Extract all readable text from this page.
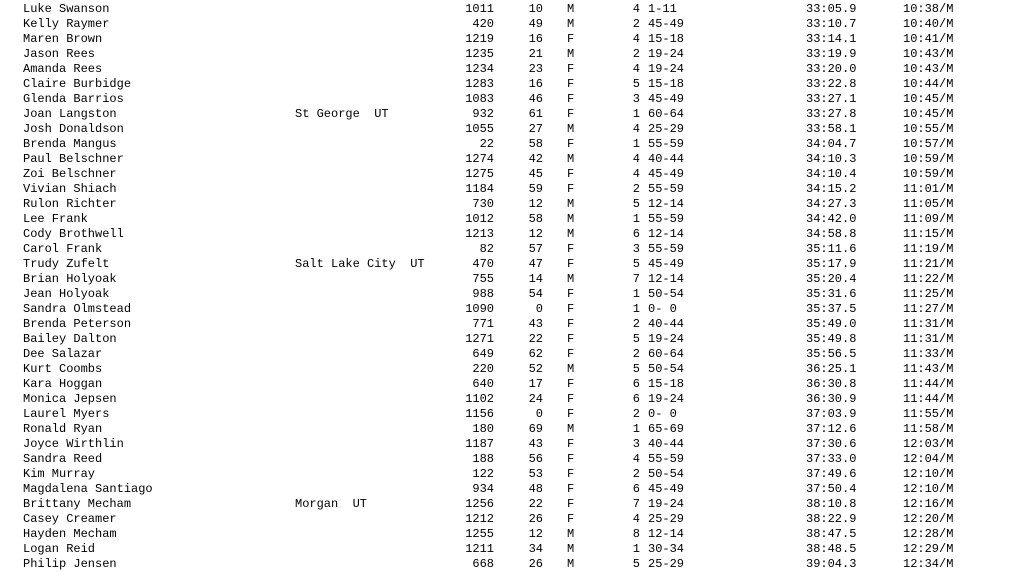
Luke Swanson	1011	10 M	4 1-11	33:05.9	10:38/M
Kelly Raymer	420	49 M	2 45-49	33:10.7	10:40/M
Maren Brown	1219	16 F	4 15-18	33:14.1	10:41/M
Jason Rees	1235	21 M	2 19-24	33:19.9	10:43/M
Amanda Rees	1234	23 F	4 19-24	33:20.0	10:43/M
Claire Burbidge	1283	16 F	5 15-18	33:22.8	10:44/M
Glenda Barrios	1083	46 F	3 45-49	33:27.1	10:45/M
Joan Langston	St George  UT	932	61 F	1 60-64	33:27.8	10:45/M
Josh Donaldson	1055	27 M	4 25-29	33:58.1	10:55/M
Brenda Mangus	22	58 F	1 55-59	34:04.7	10:57/M
Paul Belschner	1274	42 M	4 40-44	34:10.3	10:59/M
Zoi Belschner	1275	45 F	4 45-49	34:10.4	10:59/M
Vivian Shiach	1184	59 F	2 55-59	34:15.2	11:01/M
Rulon Richter	730	12 M	5 12-14	34:27.3	11:05/M
Lee Frank	1012	58 M	1 55-59	34:42.0	11:09/M
Cody Brothwell	1213	12 M	6 12-14	34:58.8	11:15/M
Carol Frank	82	57 F	3 55-59	35:11.6	11:19/M
Trudy Zufelt	Salt Lake City  UT	470	47 F	5 45-49	35:17.9	11:21/M
Brian Holyoak	755	14 M	7 12-14	35:20.4	11:22/M
Jean Holyoak	988	54 F	1 50-54	35:31.6	11:25/M
Sandra Olmstead	1090	0 F	1 0- 0	35:37.5	11:27/M
Brenda Peterson	771	43 F	2 40-44	35:49.0	11:31/M
Bailey Dalton	1271	22 F	5 19-24	35:49.8	11:31/M
Dee Salazar	649	62 F	2 60-64	35:56.5	11:33/M
Kurt Coombs	220	52 M	5 50-54	36:25.1	11:43/M
Kara Hoggan	640	17 F	6 15-18	36:30.8	11:44/M
Monica Jepsen	1102	24 F	6 19-24	36:30.9	11:44/M
Laurel Myers	1156	0 F	2 0- 0	37:03.9	11:55/M
Ronald Ryan	180	69 M	1 65-69	37:12.6	11:58/M
Joyce Wirthlin	1187	43 F	3 40-44	37:30.6	12:03/M
Sandra Reed	188	56 F	4 55-59	37:33.0	12:04/M
Kim Murray	122	53 F	2 50-54	37:49.6	12:10/M
Magdalena Santiago	934	48 F	6 45-49	37:50.4	12:10/M
Brittany Mecham	Morgan  UT	1256	22 F	7 19-24	38:10.8	12:16/M
Casey Creamer	1212	26 F	4 25-29	38:22.9	12:20/M
Hayden Mecham	1255	12 M	8 12-14	38:47.5	12:28/M
Logan Reid	1211	34 M	1 30-34	38:48.5	12:29/M
Philip Jensen	668	26 M	5 25-29	39:04.3	12:34/M
